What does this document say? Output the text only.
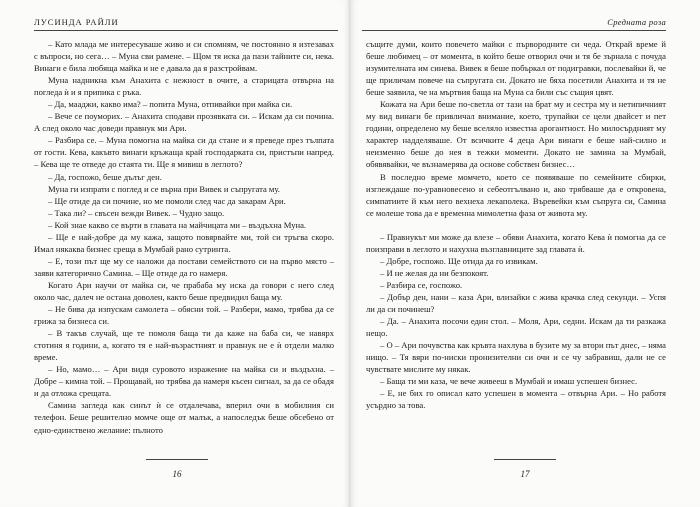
ЛУСИНДА РАЙЛИ

– Като млада ме интересуваше живо и си спомням, че постоянно я изтезавах с въпроси, но сега… – Муна сви рамене. – Щом тя иска да пази тайните си, нека. Винаги е била любяща майка и не е давала да я разстройвам.

Муна надникна към Анахита с нежност в очите, а старицата отвърна на погледа ѝ и я припика с ръка.

– Да, мааджи, какво има? – попита Муна, отпивайки при майка си.

– Вече се поуморих. – Анахита сподави прозявката си. – Искам да си почина. А след около час доведи правнук ми Ари.

– Разбира се. – Муна помогна на майка си да стане и я преведе през тълпата от гости. Кева, какъвто винаги кръжаща край господарката си, пристъпи напред. – Кева ще те отведе до стаята ти. Ще я мивиш в леглото?

– Да, госпожо, беше дълъг ден.

Муна ги изпрати с поглед и се върна при Вивек и съпругата му.

– Ще отиде да си почине, но ме помоли след час да закарам Ари.

– Така ли? – свъсен вежди Вивек. – Чудно защо.

– Кой знае какво се върти в главата на майчицата ми – въздъхна Муна.

– Ще е най-добре да му кажа, защото повярвайте ми, той си тръгва скоро. Имал някаква бизнес среща в Мумбай рано сутринта.

– Е, този път ще му се наложи да постави семейството си на първо място – заяви категорично Самина. – Ще отиде да го намеря.

Когато Ари научи от майка си, че прабаба му иска да говори с него след около час, далеч не остана доволен, както беше предвидил баща му.

– Не бива да изпускам самолета – обясни той. – Разбери, мамо, трябва да се грижа за бизнеса си.

– В такъв случай, ще те помоля баща ти да каже на баба си, че навярх стотиня я години, а, когато тя е най-възрастният и правнук не е ѝ отдели малко време.

– Но, мамо… – Ари видя суровото изражение на майка си и въздъхна. – Добре – кимна той. – Прощавай, но трябва да намеря късен сигнал, за да се обадя и да отложа срещата.

Самина загледа как синът ѝ се отдалечава, вперил очи в мобилния си телефон. Беше решително момче още от малък, а напоследък беше обсебено от едно-единствено желание: пълното

16
Средната роза

същите думи, които повечето майки с първородните си чеда. Открай време й беше любимец – от момента, в който беше отворил очи и тя бе зърнала с почуда изумителната им синева. Вивек я беше побъркал от подигравки, послевайки й, че ще приличам повече на съпругата си. Докато не бяха посетили Анахита и тя не беше заявила, че на мъртвия баща на Муна са били със същия цвят.

Кожата на Ари беше по-светла от тази на брат му и сестра му и нетипичният му вид винаги бе привличал внимание, което, трупайки се цели двайсет и пет години, определено му беше вселяло известна арогантност. Но милосърдният му характер надделяваше. От всичките 4 деца Ари винаги е беше най-силно и неизменно беше до нея в тежки моменти. Докато не замина за Мумбай, обявявайки, че възнамерява да основе собствен бизнес…

В последно време момчето, което се появяваше по семейните сбирки, изглеждаше по-уравновесено и себеотгълвано и, ако трябваше да е откровена, симпатиите й към него вехнеха лекаполека. Въревейки към съпруга си, Самина се молеше това да е временна мимолетна фаза от живота му.

– Правнукът ми може да влезе – обяви Анахита, когато Кева ѝ помогна да се поизправи в леглото и нахухна възглавниците зад главата ѝ.

– Добре, госпожо. Ще отида да го извикам.

– И не желая да ни безпокоят.

– Разбира се, госпожо.

– Добър ден, нани – каза Ари, влизайки с жива крачка след секунди. – Успя ли да си починеш?

– Да. – Анахита посочи един стол. – Моля, Ари, седни. Искам да ти разкажа нещо.

– О – Ари почувства как кръвта нахлува в бузите му за втори път днес, – няма нищо. – Тя вяри по-ниски пронизителни си очи и се чу забравиш, дали не се чувствате мислите му някак.

– Баща ти ми каза, че вече живееш в Мумбай и имаш успешен бизнес.

– Е, не бих го описал като успешен в момента – отвърна Ари. – Но работя усърдно за това.

17
